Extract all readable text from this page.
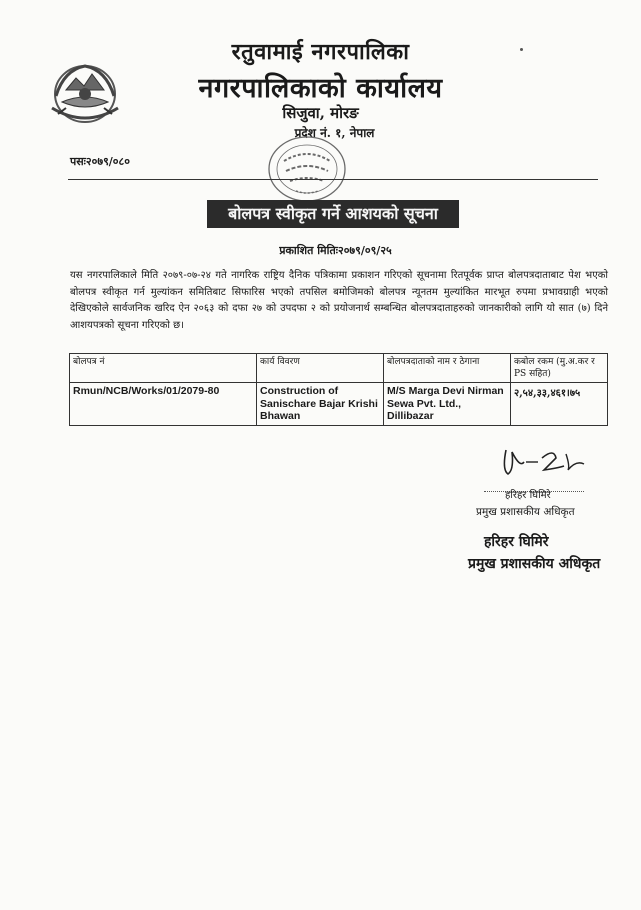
रतुवामाई नगरपालिका
नगरपालिकाको कार्यालय
सिजुवा, मोरङ
प्रदेश नं. १, नेपाल
पसः२०७९/०८०
बोलपत्र स्वीकृत गर्ने आशयको सूचना
प्रकाशित मितिः२०७९/०९/२५
यस नगरपालिकाले मिति २०७९-०७-२४ गते नागरिक राष्ट्रिय दैनिक पत्रिकामा प्रकाशन गरिएको सूचनामा रितपूर्वक प्राप्त बोलपत्रदाताबाट पेश भएको बोलपत्र स्वीकृत गर्न मुल्यांकन समितिबाट सिफारिस भएको तपसिल बमोजिमको बोलपत्र न्यूनतम मुल्यांकित मारभूत रुपमा प्रभावग्राही भएको देखिएकोले सार्वजनिक खरिद ऐन २०६३ को दफा २७ को उपदफा २ को प्रयोजनार्थ सम्बन्धित बोलपत्रदाताहरुको जानकारीको लागि यो सात (७) दिने आशयपत्रको सूचना गरिएको छ।
बोलपत्र नं	कार्य विवरण	बोलपत्रदाताको नाम र ठेगाना	कबोल रकम (मु.अ.कर र PS सहित)
Rmun/NCB/Works/01/2079-80	Construction of Sanischare Bajar Krishi Bhawan	M/S Marga Devi Nirman Sewa Pvt. Ltd., Dillibazar	२,५४,३३,४६१।७५
हरिहर घिमिरे
प्रमुख प्रशासकीय अधिकृत
हरिहर घिमिरे
प्रमुख प्रशासकीय अधिकृत
